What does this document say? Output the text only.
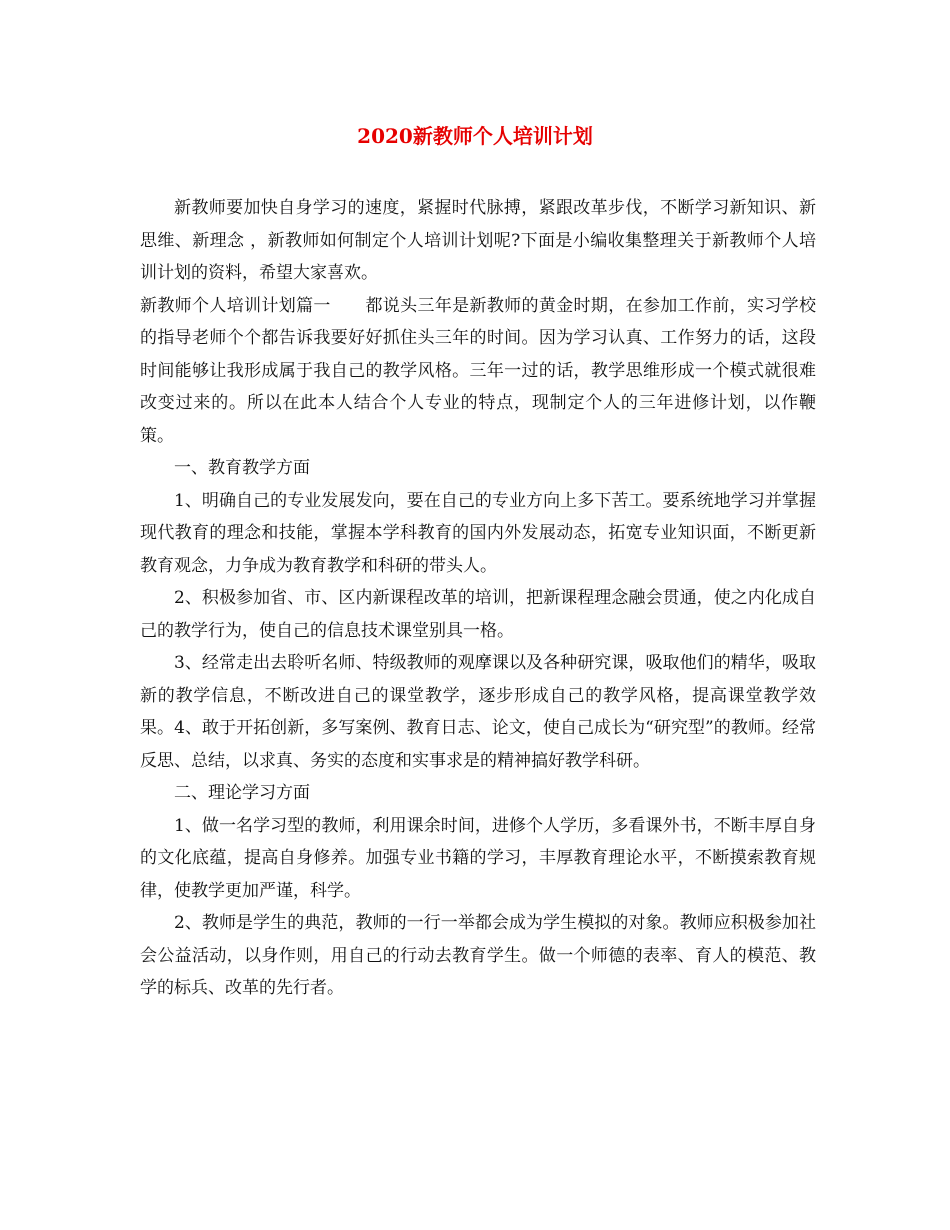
2020新教师个人培训计划

新教师要加快自身学习的速度，紧握时代脉搏，紧跟改革步伐，不断学习新知识、新思维、新理念 ，新教师如何制定个人培训计划呢?下面是小编收集整理关于新教师个人培训计划的资料，希望大家喜欢。

新教师个人培训计划篇一　　都说头三年是新教师的黄金时期，在参加工作前，实习学校的指导老师个个都告诉我要好好抓住头三年的时间。因为学习认真、工作努力的话，这段时间能够让我形成属于我自己的教学风格。三年一过的话，教学思维形成一个模式就很难改变过来的。所以在此本人结合个人专业的特点，现制定个人的三年进修计划，以作鞭策。

一、教育教学方面

1、明确自己的专业发展发向，要在自己的专业方向上多下苦工。要系统地学习并掌握现代教育的理念和技能，掌握本学科教育的国内外发展动态，拓宽专业知识面，不断更新教育观念，力争成为教育教学和科研的带头人。

2、积极参加省、市、区内新课程改革的培训，把新课程理念融会贯通，使之内化成自己的教学行为，使自己的信息技术课堂别具一格。

3、经常走出去聆听名师、特级教师的观摩课以及各种研究课，吸取他们的精华，吸取新的教学信息，不断改进自己的课堂教学，逐步形成自己的教学风格，提高课堂教学效果。4、敢于开拓创新，多写案例、教育日志、论文，使自己成长为“研究型”的教师。经常反思、总结，以求真、务实的态度和实事求是的精神搞好教学科研。

二、理论学习方面

1、做一名学习型的教师，利用课余时间，进修个人学历，多看课外书，不断丰厚自身的文化底蕴，提高自身修养。加强专业书籍的学习，丰厚教育理论水平，不断摸索教育规律，使教学更加严谨，科学。

2、教师是学生的典范，教师的一行一举都会成为学生模拟的对象。教师应积极参加社会公益活动，以身作则，用自己的行动去教育学生。做一个师德的表率、育人的模范、教学的标兵、改革的先行者。
